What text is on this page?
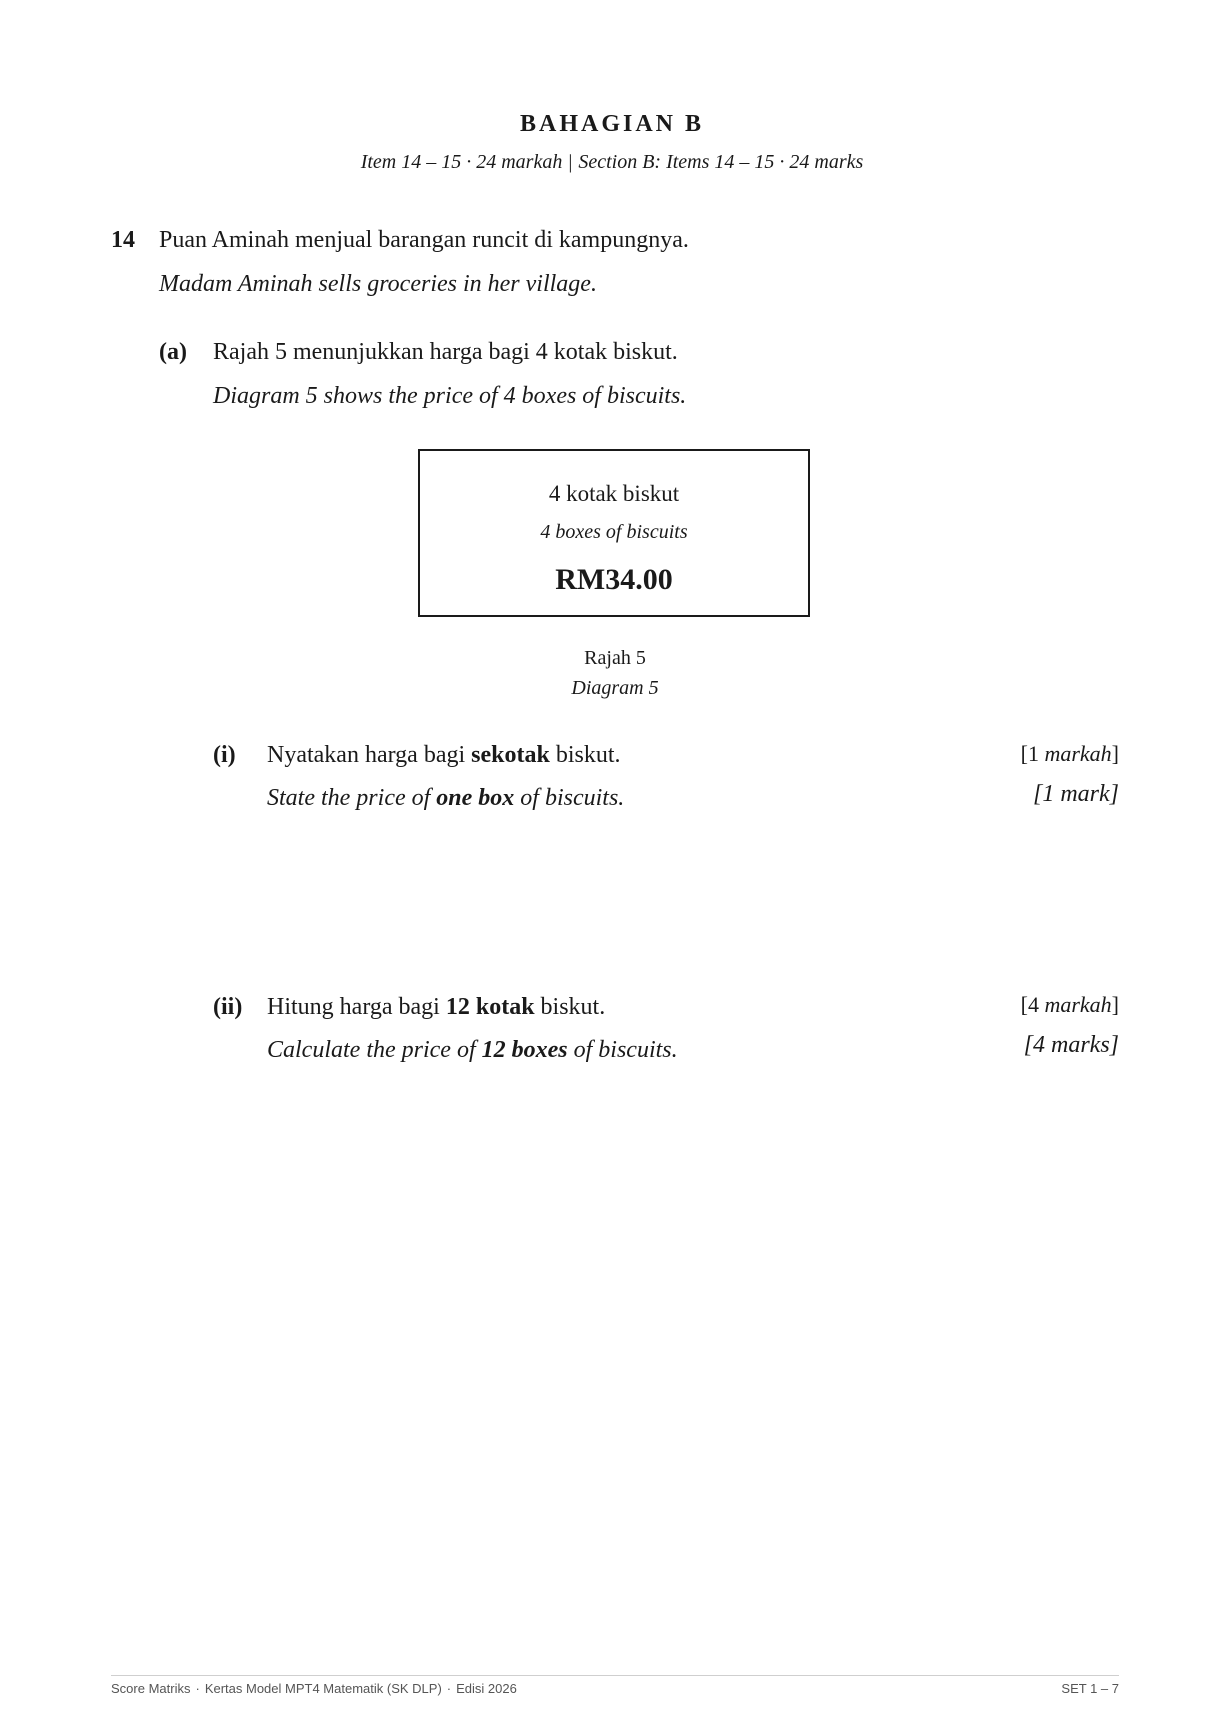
BAHAGIAN B
Item 14 – 15 · 24 markah | Section B: Items 14 – 15 · 24 marks
14 Puan Aminah menjual barangan runcit di kampungnya.
Madam Aminah sells groceries in her village.
(a) Rajah 5 menunjukkan harga bagi 4 kotak biskut.
Diagram 5 shows the price of 4 boxes of biscuits.
4 kotak biskut
4 boxes of biscuits
RM34.00
Rajah 5
Diagram 5
(i) Nyatakan harga bagi sekotak biskut.
State the price of one box of biscuits.
[1 markah]
[1 mark]
(ii) Hitung harga bagi 12 kotak biskut.
Calculate the price of 12 boxes of biscuits.
[4 markah]
[4 marks]
Score Matriks · Kertas Model MPT4 Matematik (SK DLP) · Edisi 2026	SET 1 – 7
